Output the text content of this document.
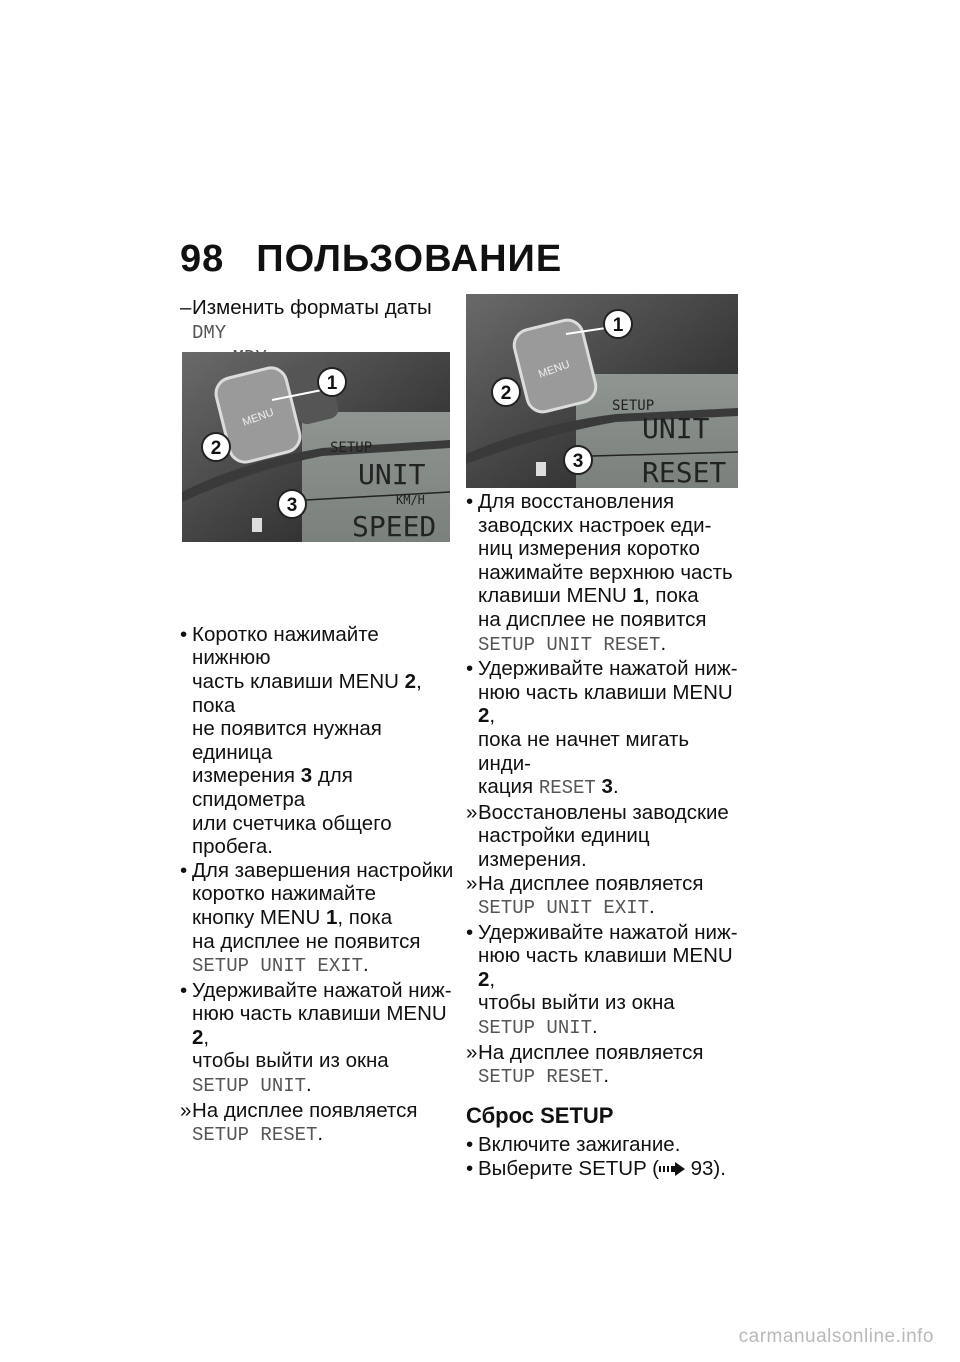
98 ПОЛЬЗОВАНИЕ
– Изменить форматы даты DMY

MENU
1
2
3
SETUP
UNIT
KM/H
SPEED
• Коротко нажимайте нижнюю
часть клавиши MENU 2, пока
не появится нужная единица
измерения 3 для спидометра
или счетчика общего пробега.
• Для завершения настройки
коротко нажимайте
кнопку MENU 1, пока
на дисплее не появится
SETUP UNIT EXIT.
• Удерживайте нажатой ниж-
нюю часть клавиши MENU 2,
чтобы выйти из окна
SETUP UNIT.
» На дисплее появляется
SETUP RESET.
MENU
1
2
3
SETUP
UNIT
RESET
• Для восстановления
заводских настроек еди-
ниц измерения коротко
нажимайте верхнюю часть
клавиши MENU 1, пока
на дисплее не появится
SETUP UNIT RESET.
• Удерживайте нажатой ниж-
нюю часть клавиши MENU 2,
пока не начнет мигать инди-
кация RESET 3.
» Восстановлены заводские
настройки единиц измерения.
» На дисплее появляется
SETUP UNIT EXIT.
• Удерживайте нажатой ниж-
нюю часть клавиши MENU 2,
чтобы выйти из окна
SETUP UNIT.
» На дисплее появляется
SETUP RESET.
Сброс SETUP
• Включите зажигание.
• Выберите SETUP ( 93).
carmanualsonline.info
